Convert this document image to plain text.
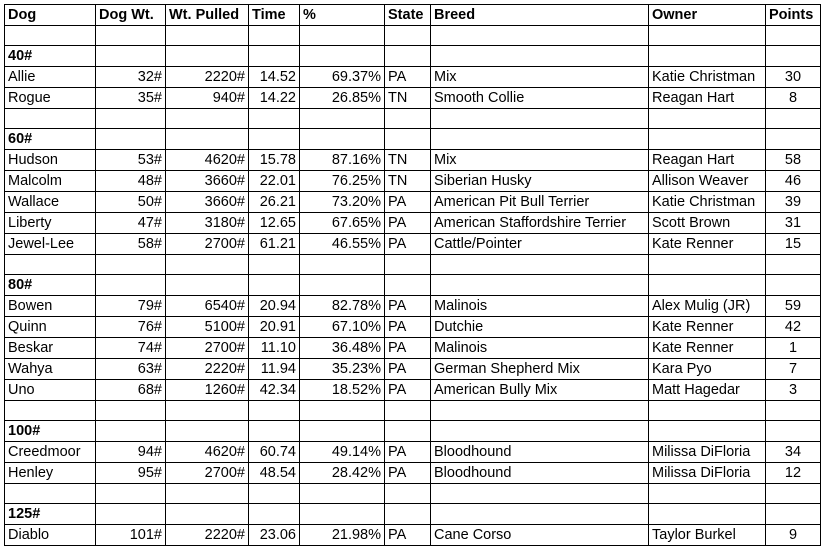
Dog	Dog Wt.	Wt. Pulled	Time	%	State	Breed	Owner	Points

40#								
Allie	32#	2220#	14.52	69.37%	PA	Mix	Katie Christman	30
Rogue	35#	940#	14.22	26.85%	TN	Smooth Collie	Reagan Hart	8

60#								
Hudson	53#	4620#	15.78	87.16%	TN	Mix	Reagan Hart	58
Malcolm	48#	3660#	22.01	76.25%	TN	Siberian Husky	Allison Weaver	46
Wallace	50#	3660#	26.21	73.20%	PA	American Pit Bull Terrier	Katie Christman	39
Liberty	47#	3180#	12.65	67.65%	PA	American Staffordshire Terrier	Scott Brown	31
Jewel-Lee	58#	2700#	61.21	46.55%	PA	Cattle/Pointer	Kate Renner	15

80#								
Bowen	79#	6540#	20.94	82.78%	PA	Malinois	Alex Mulig (JR)	59
Quinn	76#	5100#	20.91	67.10%	PA	Dutchie	Kate Renner	42
Beskar	74#	2700#	11.10	36.48%	PA	Malinois	Kate Renner	1
Wahya	63#	2220#	11.94	35.23%	PA	German Shepherd Mix	Kara Pyo	7
Uno	68#	1260#	42.34	18.52%	PA	American Bully Mix	Matt Hagedar	3

100#								
Creedmoor	94#	4620#	60.74	49.14%	PA	Bloodhound	Milissa DiFloria	34
Henley	95#	2700#	48.54	28.42%	PA	Bloodhound	Milissa DiFloria	12

125#								
Diablo	101#	2220#	23.06	21.98%	PA	Cane Corso	Taylor Burkel	9
